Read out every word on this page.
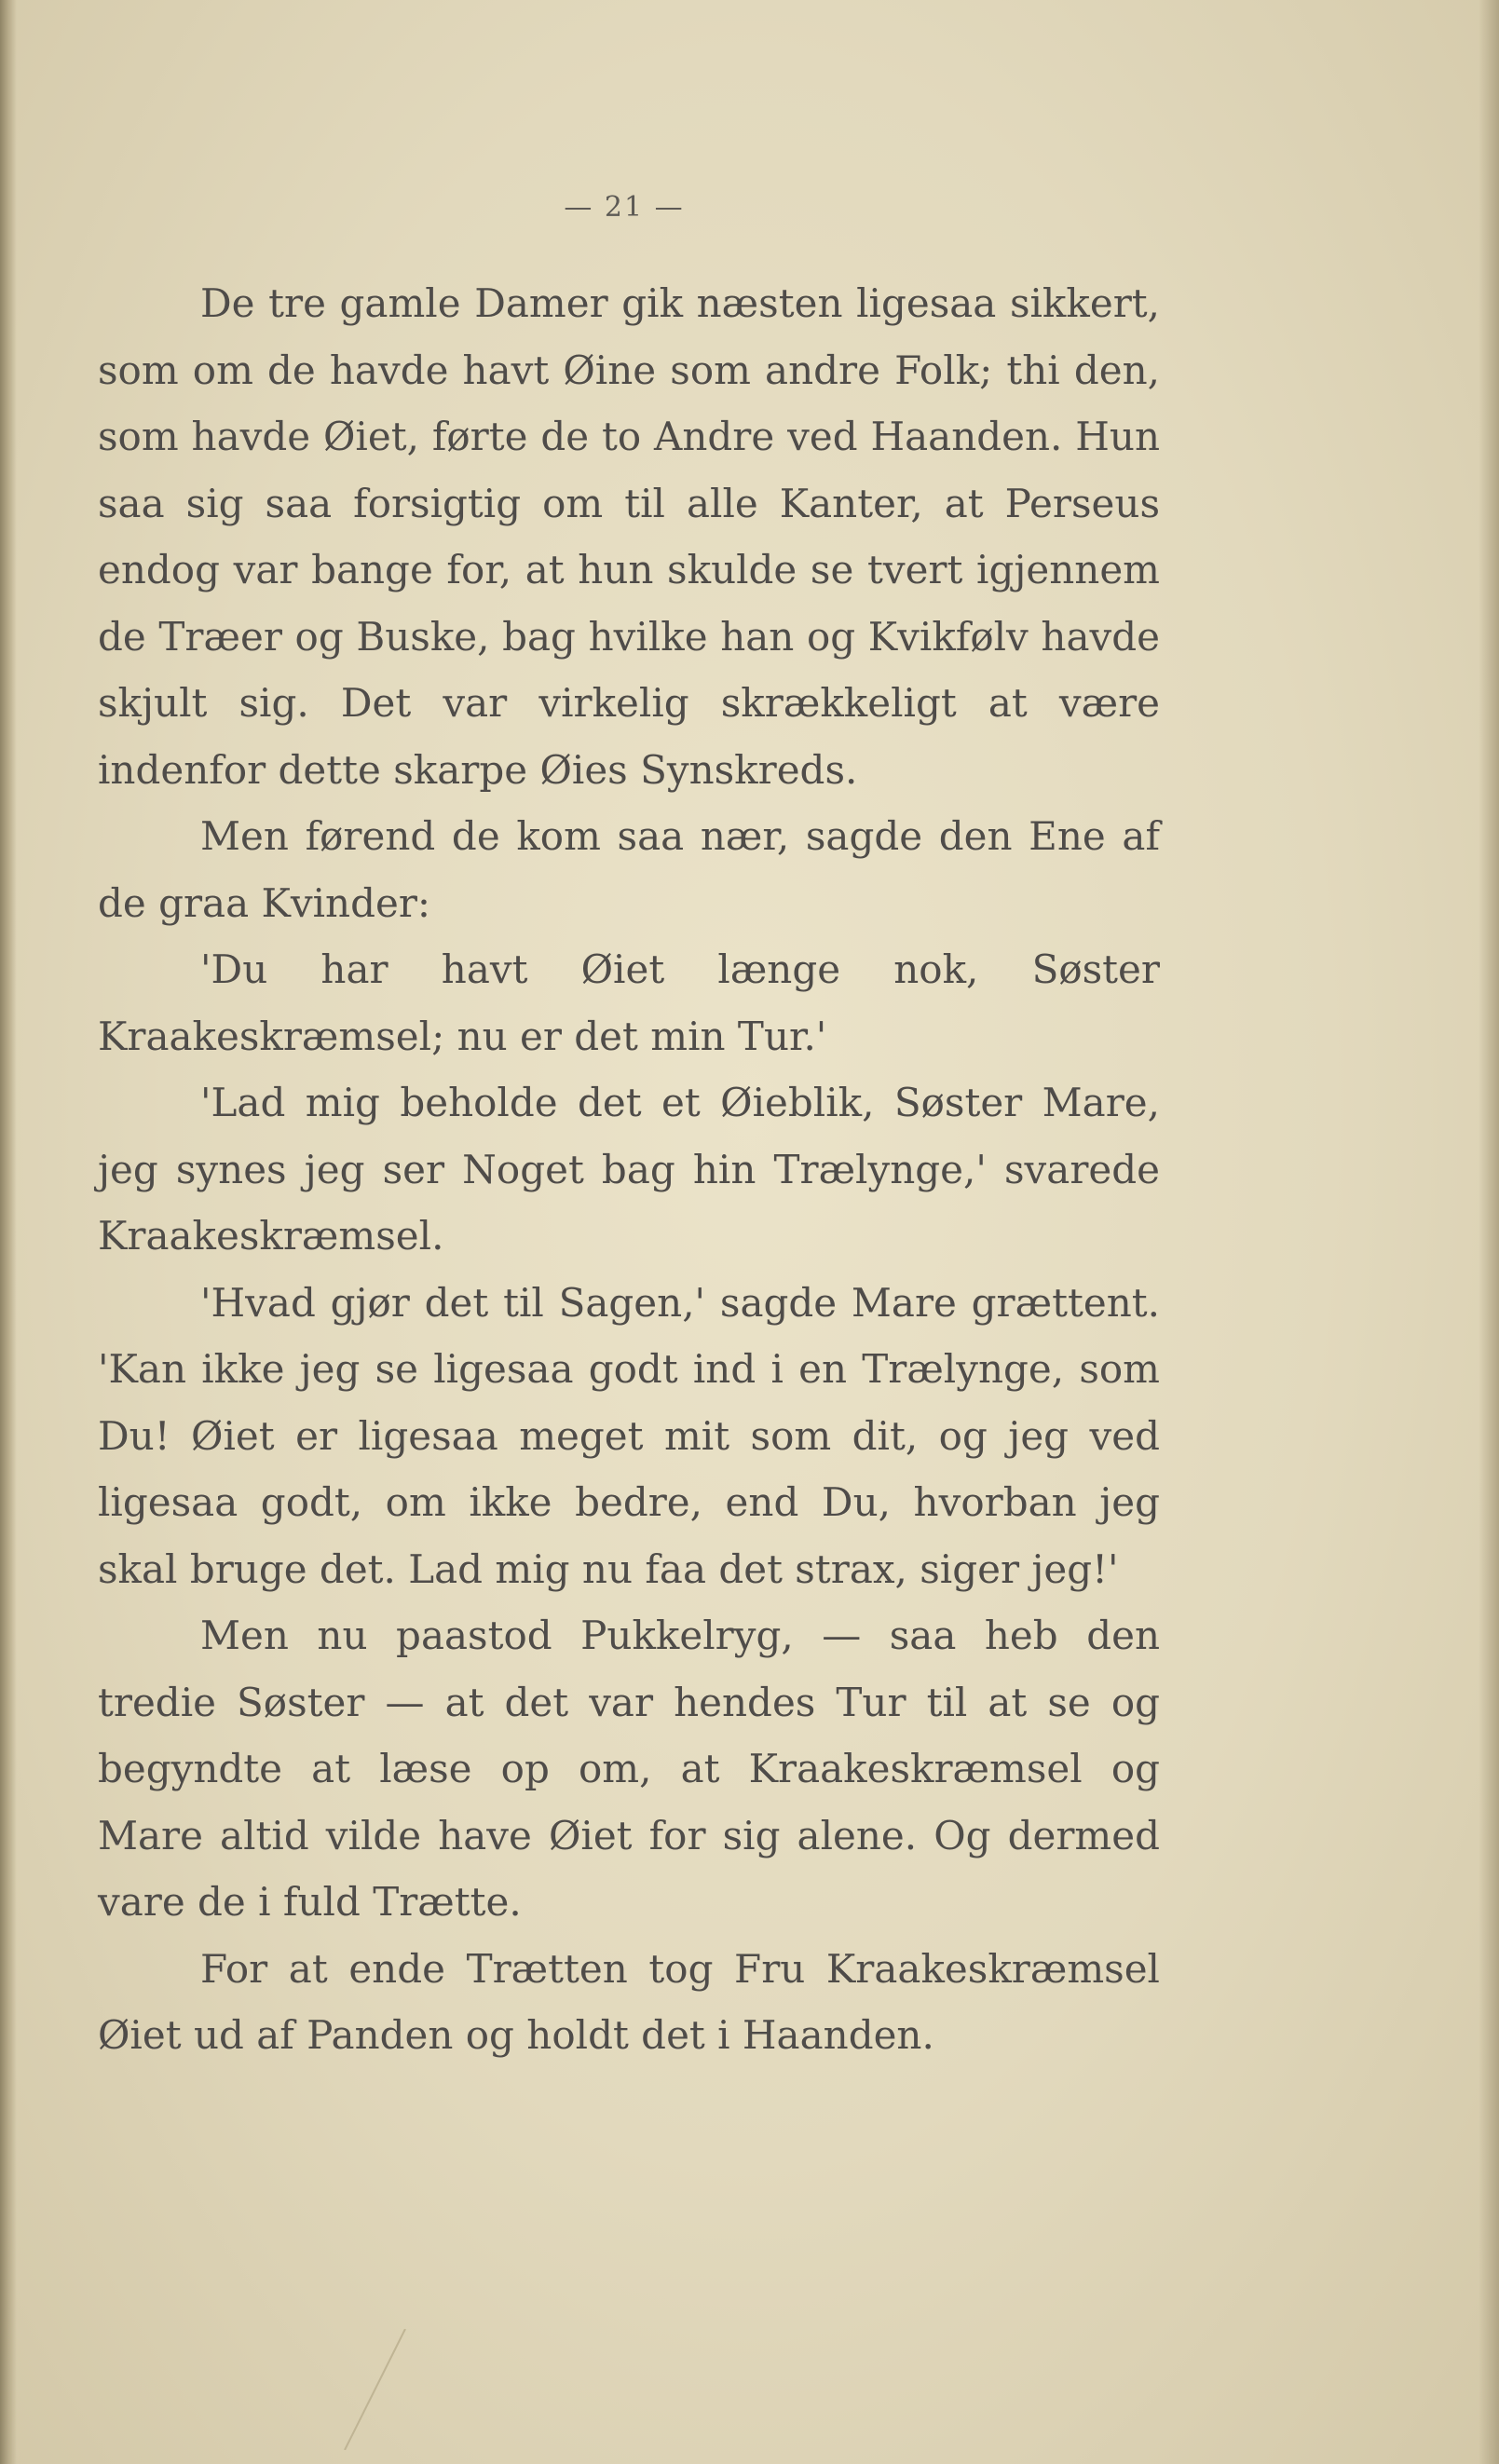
— 21 —

De tre gamle Damer gik næsten ligesaa sikkert, som om de havde havt Øine som andre Folk; thi den, som havde Øiet, førte de to Andre ved Haanden. Hun saa sig saa forsigtig om til alle Kanter, at Perseus endog var bange for, at hun skulde se tvert igjennem de Træer og Buske, bag hvilke han og Kvikfølv havde skjult sig. Det var virkelig skrækkeligt at være indenfor dette skarpe Øies Synskreds.

Men førend de kom saa nær, sagde den Ene af de graa Kvinder:

'Du har havt Øiet længe nok, Søster Kraakeskræmsel; nu er det min Tur.'

'Lad mig beholde det et Øieblik, Søster Mare, jeg synes jeg ser Noget bag hin Trælynge,' svarede Kraakeskræmsel.

'Hvad gjør det til Sagen,' sagde Mare grættent. 'Kan ikke jeg se ligesaa godt ind i en Trælynge, som Du! Øiet er ligesaa meget mit som dit, og jeg ved ligesaa godt, om ikke bedre, end Du, hvorban jeg skal bruge det. Lad mig nu faa det strax, siger jeg!'

Men nu paastod Pukkelryg, — saa heb den tredie Søster — at det var hendes Tur til at se og begyndte at læse op om, at Kraakeskræmsel og Mare altid vilde have Øiet for sig alene. Og dermed vare de i fuld Trætte.

For at ende Trætten tog Fru Kraakeskræmsel Øiet ud af Panden og holdt det i Haanden.
